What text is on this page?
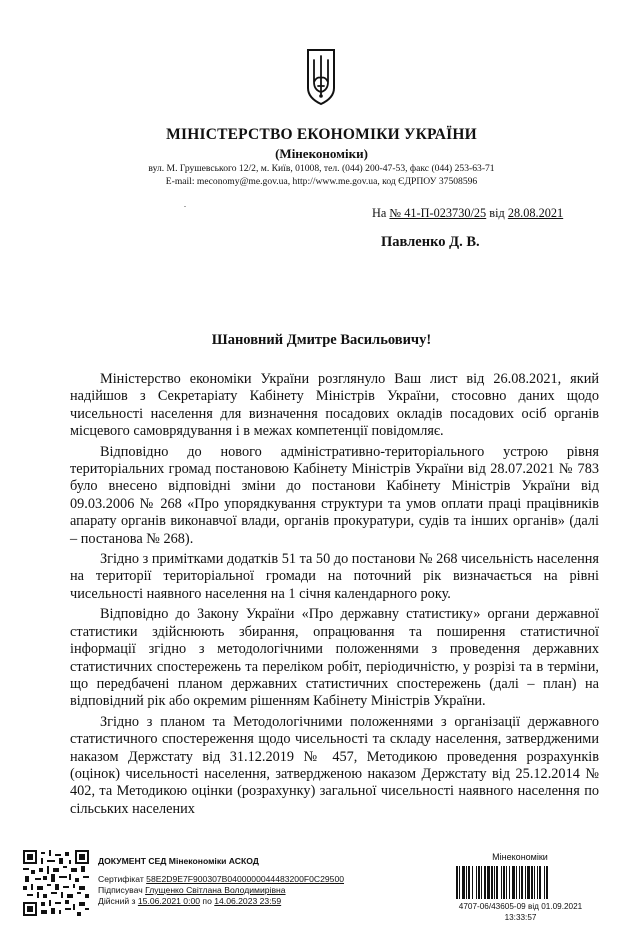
МІНІСТЕРСТВО ЕКОНОМІКИ УКРАЇНИ
(Мінекономіки)
вул. М. Грушевського 12/2, м. Київ, 01008, тел. (044) 200-47-53, факс (044) 253-63-71
E-mail: meconomy@me.gov.ua, http://www.me.gov.ua, код ЄДРПОУ 37508596
.
На № 41-П-023730/25 від 28.08.2021
Павленко Д. В.
Шановний Дмитре Васильовичу!

Міністерство економіки України розглянуло Ваш лист від 26.08.2021, який надійшов з Секретаріату Кабінету Міністрів України, стосовно даних щодо чисельності населення для визначення посадових окладів посадових осіб органів місцевого самоврядування і в межах компетенції повідомляє.

Відповідно до нового адміністративно-територіального устрою рівня територіальних громад постановою Кабінету Міністрів України від 28.07.2021 № 783 було внесено відповідні зміни до постанови Кабінету Міністрів України від 09.03.2006 № 268 «Про упорядкування структури та умов оплати праці працівників апарату органів виконавчої влади, органів прокуратури, судів та інших органів» (далі – постанова № 268).

Згідно з примітками додатків 51 та 50 до постанови № 268 чисельність населення на території територіальної громади на поточний рік визначається на рівні чисельності наявного населення на 1 січня календарного року.

Відповідно до Закону України «Про державну статистику» органи державної статистики здійснюють збирання, опрацювання та поширення статистичної інформації згідно з методологічними положеннями з проведення державних статистичних спостережень та переліком робіт, періодичністю, у розрізі та в терміни, що передбачені планом державних статистичних спостережень (далі – план) на відповідний рік або окремим рішенням Кабінету Міністрів України.

Згідно з планом та Методологічними положеннями з організації державного статистичного спостереження щодо чисельності та складу населення, затвердженими наказом Держстату від 31.12.2019 № 457, Методикою проведення розрахунків (оцінок) чисельності населення, затвердженою наказом Держстату від 25.12.2014 № 402, та Методикою оцінки (розрахунку) загальної чисельності наявного населення по сільських населених

ДОКУМЕНТ СЕД Мінекономіки АСКОД
Сертифікат 58E2D9E7F900307B0400000044483200F0C29500
Підписувач Глущенко Світлана Володимирівна
Дійсний з 15.06.2021 0:00 по 14.06.2023 23:59
Мінекономіки
4707-06/43605-09 від 01.09.2021
13:33:57
